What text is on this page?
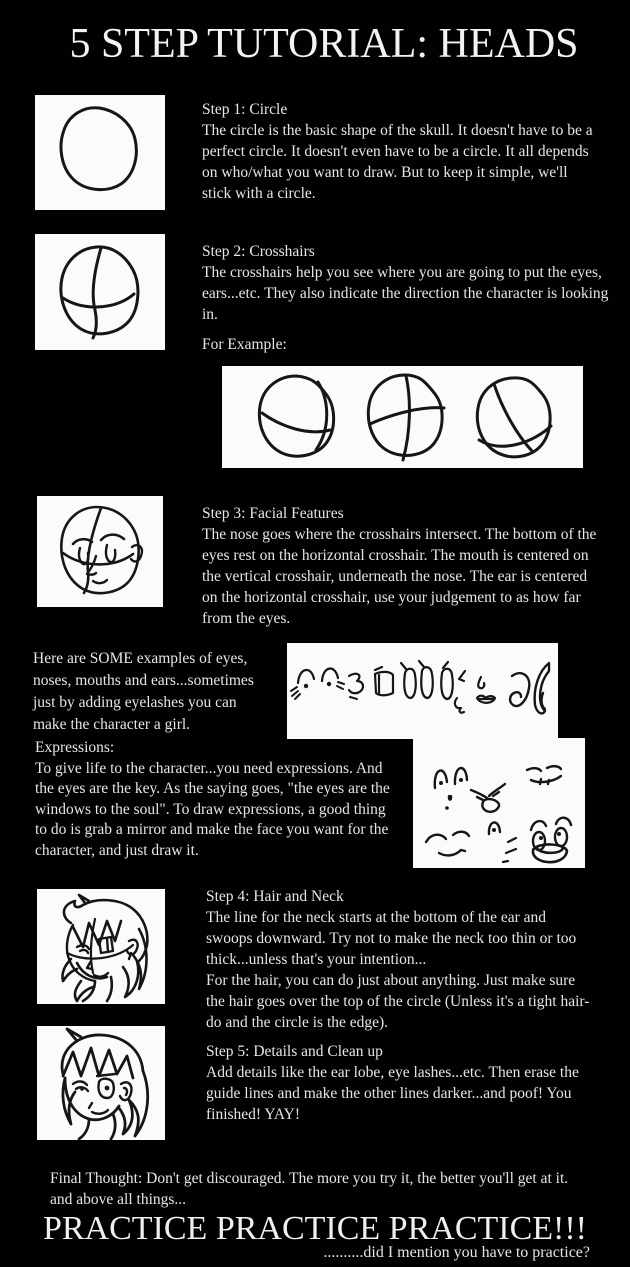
5 STEP TUTORIAL: HEADS
Step 1: Circle
The circle is the basic shape of the skull. It doesn't have to be a
perfect circle. It doesn't even have to be a circle. It all depends
on who/what you want to draw. But to keep it simple, we'll
stick with a circle.
Step 2: Crosshairs
The crosshairs help you see where you are going to put the eyes,
ears...etc. They also indicate the direction the character is looking
in.
For Example:
Step 3: Facial Features
The nose goes where the crosshairs intersect. The bottom of the
eyes rest on the horizontal crosshair. The mouth is centered on
the vertical crosshair, underneath the nose. The ear is centered
on the horizontal crosshair, use your judgement to as how far
from the eyes.
Here are SOME examples of eyes,
noses, mouths and ears...sometimes
just by adding eyelashes you can
make the character a girl.
Expressions:
To give life to the character...you need expressions. And
the eyes are the key. As the saying goes, "the eyes are the
windows to the soul". To draw expressions, a good thing
to do is grab a mirror and make the face you want for the
character, and just draw it.
Step 4: Hair and Neck
The line for the neck starts at the bottom of the ear and
swoops downward. Try not to make the neck too thin or too
thick...unless that's your intention...
For the hair, you can do just about anything. Just make sure
the hair goes over the top of the circle (Unless it's a tight hair-
do and the circle is the edge).
Step 5: Details and Clean up
Add details like the ear lobe, eye lashes...etc. Then erase the
guide lines and make the other lines darker...and poof! You
finished! YAY!
Final Thought: Don't get discouraged. The more you try it, the better you'll get at it.
and above all things...
PRACTICE PRACTICE PRACTICE!!!
..........did I mention you have to practice?
